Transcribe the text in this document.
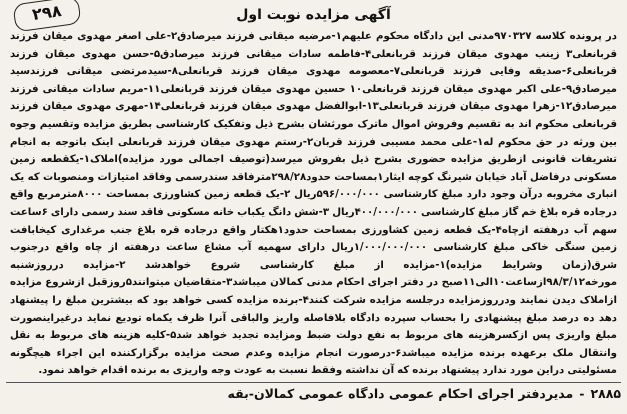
آگهی مزایده نوبت اول
۲۹۸

در پرونده کلاسه ۹۷۰۳۲۷مدنی این دادگاه محکوم علیهم۱-مرضیه میقانی فرزند میرصادق۲-علی اصغر مهدوی میقان فرزند قربانعلی۳ زینب مهدوی میقان فرزند قربانعلی۴-فاطمه سادات میقانی فرزند میرصادق۵-حسن مهدوی میقان فرزند قربانعلی۶-صدیقه وفایی فرزند قربانعلی۷-معصومه مهدوی میقان فرزند قربانعلی۸-سیدمرتضی میقانی فرزندسید میرصادق۹-علی اکبر مهدوی میقان فرزند قربانعلی۱۰ حسین مهدوی میقان فرزند قربانعلی۱۱-مریم سادات میقانی فرزند میرصادق۱۲-زهرا مهدوی میقان فرزند قربانعلی۱۳-ابوالفضل مهدوی میقان فرزند قربانعلی۱۴-مهری مهدوی میقان فرزند قربانعلی محکوم اند به تقسیم وفروش اموال ماترک مورثشان بشرح ذیل وتفکیک کارشناسی بطریق مزایده وتقسیم وجوه بین ورثه در حق محکوم له۱-علی محمد مسیبی فرزند قربان۲-رستم مهدوی میقان فرزند قربانعلی اینک باتوجه به انجام تشریفات قانونی ازطریق مزایده حضوری بشرح ذیل بفروش میرسد(توصیف اجمالی مورد مزایده)املاک۱-یکقطعه زمین مسکونی درفاضل آباد خیابان شیرنگ کوچه ایثار۱بمساحت حدود۲۹۸/۲۸مترفاقد سندرسمی وفاقد امتیازات ومنصوبات که یک انباری مخروبه درآن وجود دارد مبلغ کارشناسی ۵۹۶/۰۰۰/۰۰۰ریال ۲-یک قطعه زمین کشاورزی بمساحت ۸۰۰۰مترمربع واقع درجاده قره بلاغ خم گاز مبلغ کارشناسی ۴۰۰/۰۰۰/۰۰۰ریال ۳-شش دانگ یکباب خانه مسکونی فاقد سند رسمی دارای ۶ساعت سهم آب درهفته ازچاه۴-یک قطعه زمین کشاورزی بمساحت حدود۱هکتار واقع درجاده قره بلاغ جنب مرغداری کیخابافت زمین سنگی خاکی مبلغ کارشناسی ۱/۰۰۰/۰۰۰/۰۰۰ریال دارای سهمیه آب مشاع ساعت درهفته از چاه واقع درجنوب شرق(زمان وشرایط مزایده)۱-مزایده از مبلغ کارشناسی شروع خواهدشد ۲-مزایده درروزشنبه مورخه۹۸/۳/۱۲ازساعت۱۰الی۱۱صبح در دفتر اجرای احکام مدنی کمالان میباشد۳-متقاضیان میتوانند۵روزقبل ازشروع مزایده ازاملاک دیدن نمایند ودرروزمزایده درجلسه مزایده شرکت کنند۴-برنده مزایده کسی خواهد بود که بیشترین مبلغ را پیشنهاد دهد ده درصد مبلغ پیشنهادی را بحساب سپرده دادگاه بلافاصله واریز والباقی آنرا ظرف یکماه تودیع نماید درغیراینصورت مبلغ واریزی پس ازکسرهزینه های مربوط به نفع دولت ضبط ومزایده تجدید خواهد شد۵-کلیه هزینه های مربوط به نقل وانتقال ملک برعهده برنده مزایده میباشد۶-درصورت انجام مزایده وعدم صحت مزایده برگزارکننده این اجراء هیچگونه مسئولیتی دراین مورد ندارد پیشنهاد برنده که آن نداشته وفقط نسبت به عودت وجه واریزی به برنده اقدام خواهد نمود.

۲۸۸۵
-
مدیردفتر اجرای احکام عمومی دادگاه عمومی کمالان-بقه
